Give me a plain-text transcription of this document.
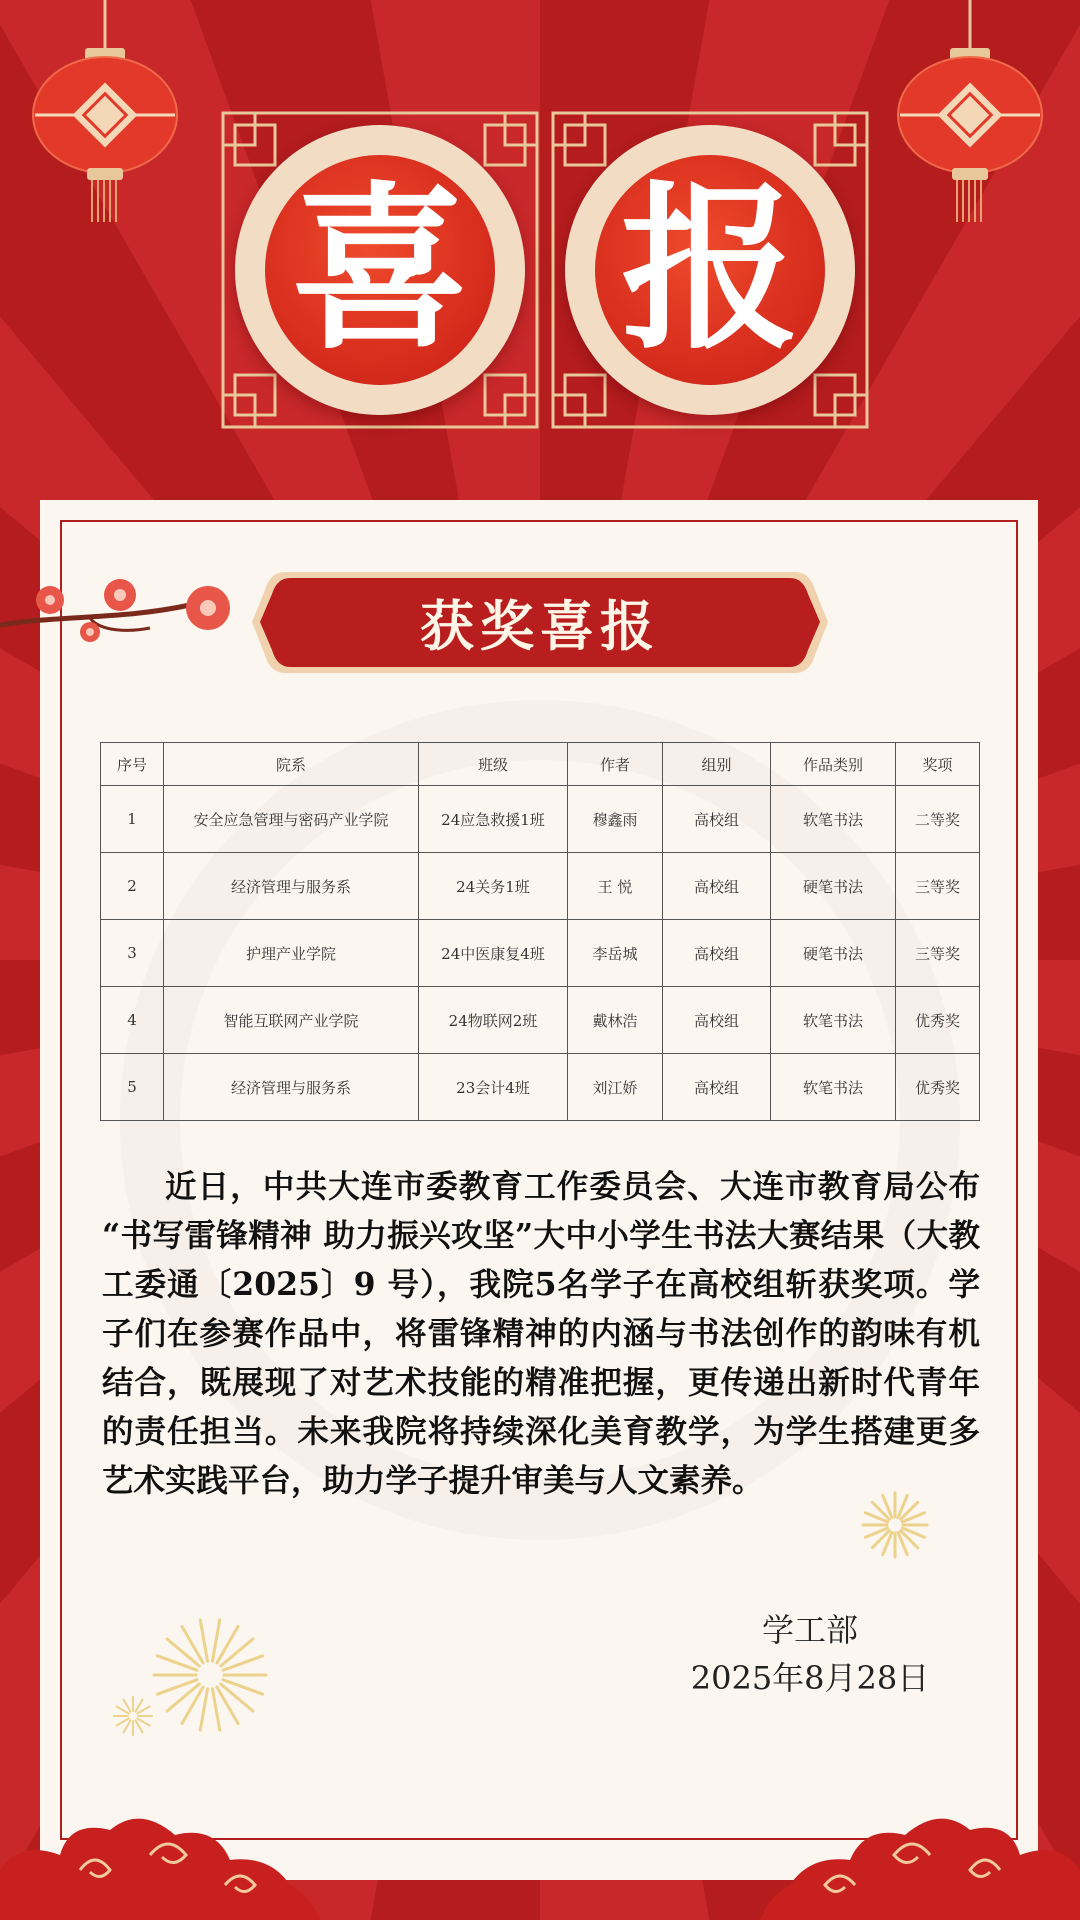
喜 报
获奖喜报
序号	院系	班级	作者	组别	作品类别	奖项
1	安全应急管理与密码产业学院	24应急救援1班	穆鑫雨	高校组	软笔书法	二等奖
2	经济管理与服务系	24关务1班	王 悦	高校组	硬笔书法	三等奖
3	护理产业学院	24中医康复4班	李岳城	高校组	硬笔书法	三等奖
4	智能互联网产业学院	24物联网2班	戴林浩	高校组	软笔书法	优秀奖
5	经济管理与服务系	23会计4班	刘江娇	高校组	软笔书法	优秀奖
近日，中共大连市委教育工作委员会、大连市教育局公布 “书写雷锋精神 助力振兴攻坚”大中小学生书法大赛结果（大教工委通〔2025〕9 号），我院5名学子在高校组斩获奖项。学子们在参赛作品中，将雷锋精神的内涵与书法创作的韵味有机结合，既展现了对艺术技能的精准把握，更传递出新时代青年的责任担当。未来我院将持续深化美育教学，为学生搭建更多艺术实践平台，助力学子提升审美与人文素养。
学工部
2025年8月28日
